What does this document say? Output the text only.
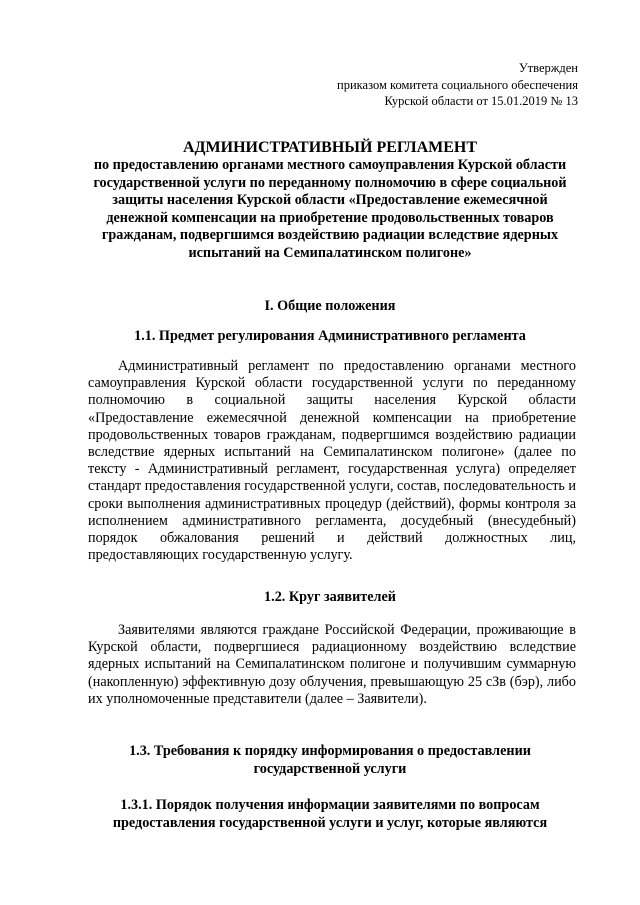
Утвержден
приказом комитета социального обеспечения
Курской области от 15.01.2019 № 13
АДМИНИСТРАТИВНЫЙ РЕГЛАМЕНТ
по предоставлению органами местного самоуправления Курской области государственной услуги по переданному полномочию в сфере социальной защиты населения Курской области «Предоставление ежемесячной денежной компенсации на приобретение продовольственных товаров гражданам, подвергшимся воздействию радиации вследствие ядерных испытаний на Семипалатинском полигоне»
I. Общие положения
1.1. Предмет регулирования Административного регламента
Административный регламент по предоставлению органами местного самоуправления Курской области государственной услуги по переданному полномочию в социальной защиты населения Курской области «Предоставление ежемесячной денежной компенсации на приобретение продовольственных товаров гражданам, подвергшимся воздействию радиации вследствие ядерных испытаний на Семипалатинском полигоне» (далее по тексту - Административный регламент, государственная услуга) определяет стандарт предоставления государственной услуги, состав, последовательность и сроки выполнения административных процедур (действий), формы контроля за исполнением административного регламента, досудебный (внесудебный) порядок обжалования решений и действий должностных лиц, предоставляющих государственную услугу.
1.2. Круг заявителей
Заявителями являются граждане Российской Федерации, проживающие в Курской области, подвергшиеся радиационному воздействию вследствие ядерных испытаний на Семипалатинском полигоне и получившим суммарную (накопленную) эффективную дозу облучения, превышающую 25 сЗв (бэр), либо их уполномоченные представители (далее – Заявители).
1.3. Требования к порядку информирования о предоставлении
государственной услуги
1.3.1. Порядок получения информации заявителями по вопросам
предоставления государственной услуги и услуг, которые являются
